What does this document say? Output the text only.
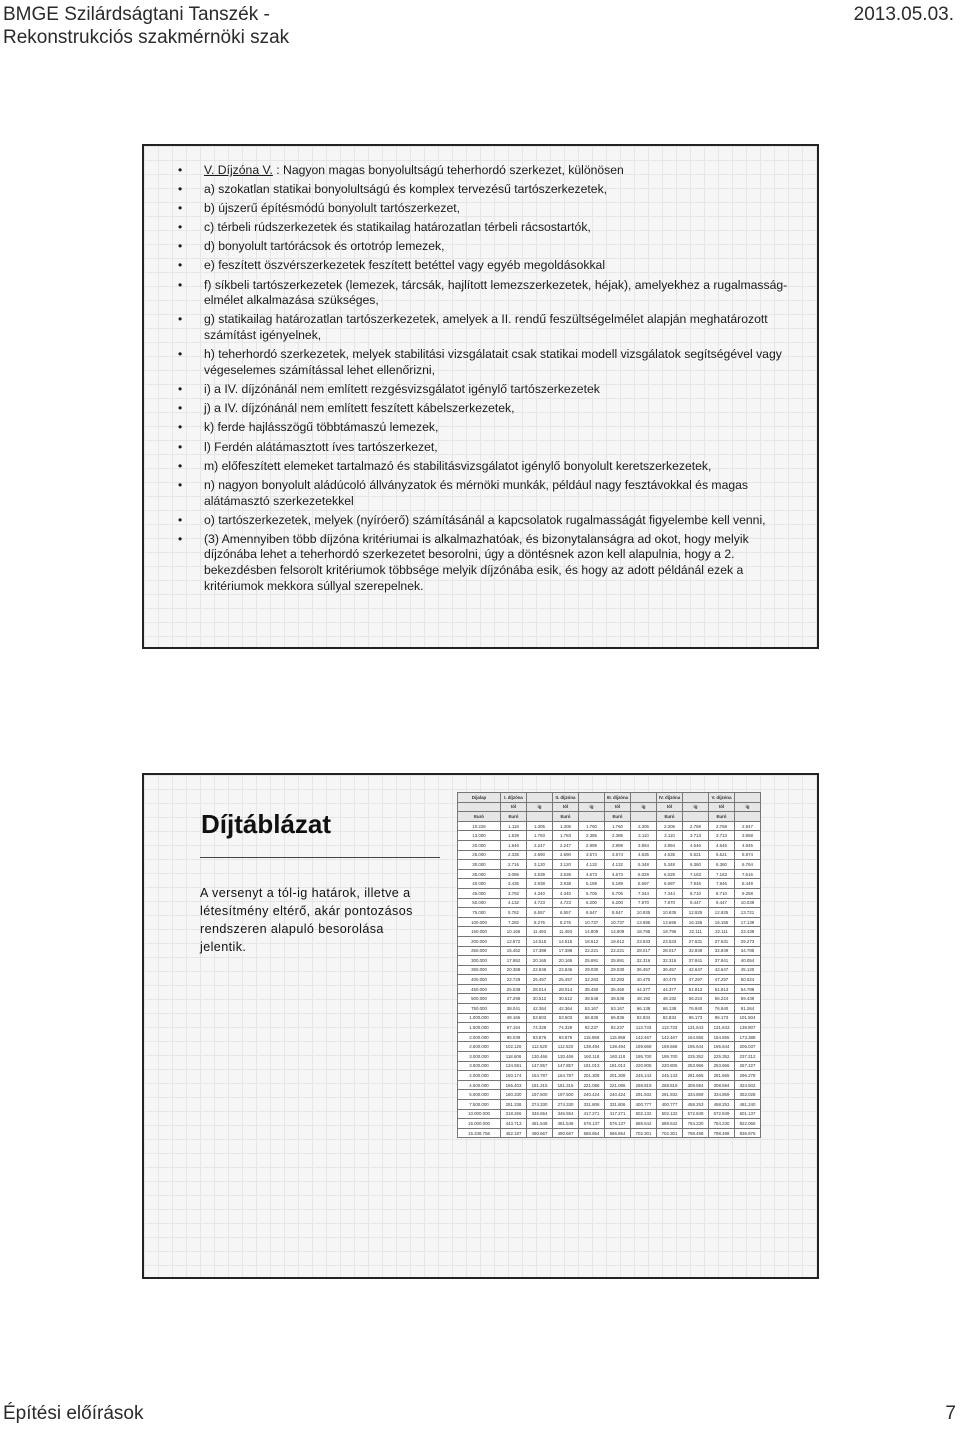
BMGE Szilárdságtani Tanszék -
Rekonstrukciós szakmérnöki szak
2013.05.03.
• V. Díjzóna V. : Nagyon magas bonyolultságú teherhordó szerkezet, különösen
• a) szokatlan statikai bonyolultságú és komplex tervezésű tartószerkezetek,
• b) újszerű építésmódú bonyolult tartószerkezet,
• c) térbeli rúdszerkezetek és statikailag határozatlan térbeli rácsostartók,
• d) bonyolult tartórácsok és ortotróp lemezek,
• e) feszített öszvérszerkezetek feszített betéttel vagy egyéb megoldásokkal
• f) síkbeli tartószerkezetek (lemezek, tárcsák, hajlított lemezszerkezetek, héjak), amelyekhez a rugalmasság-elmélet alkalmazása szükséges,
• g) statikailag határozatlan tartószerkezetek, amelyek a II. rendű feszültségelmélet alapján meghatározott számítást igényelnek,
• h) teherhordó szerkezetek, melyek stabilitási vizsgálatait csak statikai modell vizsgálatok segítségével vagy végeselemes számítással lehet ellenőrizni,
• i) a IV. díjzónánál nem említett rezgésvizsgálatot igénylő tartószerkezetek
• j) a IV. díjzónánál nem említett feszített kábelszerkezetek,
• k) ferde hajlásszögű többtámaszú lemezek,
• l) Ferdén alátámasztott íves tartószerkezet,
• m) előfeszített elemeket tartalmazó és stabilitásvizsgálatot igénylő bonyolult keretszerkezetek,
• n) nagyon bonyolult aládúcoló állványzatok és mérnöki munkák, például nagy fesztávokkal és magas alátámasztó szerkezetekkel
• o) tartószerkezetek, melyek (nyíróerő) számításánál a kapcsolatok rugalmasságát figyelembe kell venni,
• (3) Amennyiben több díjzóna kritériumai is alkalmazhatóak, és bizonytalanságra ad okot, hogy melyik díjzónába lehet a teherhordó szerkezetet besorolni, úgy a döntésnek azon kell alapulnia, hogy a 2. bekezdésben felsorolt kritériumok többsége melyik díjzónába esik, és hogy az adott példánál ezek a kritériumok mekkora súllyal szerepelnek.
Díjtáblázat
A versenyt a tól-ig határok, illetve a létesítmény eltérő, akár pontozásos rendszeren alapuló besorolása jelentik.
Díjalap	I. díjzóna		II. díjzóna		III. díjzóna		IV. díjzóna		V. díjzóna	
	tól	ig	tól	ig	tól	ig	tól	ig	tól	ig
Euró	Euró		Euró		Euró		Euró		Euró	
10.226	1.118	1.305	1.305	1.760	1.760	2.306	2.306	2.768	2.768	2.947
13.000	1.539	1.783	1.783	2.385	2.385	3.110	3.110	3.713	3.713	3.958
20.000	1.946	2.247	2.247	2.999	2.999	3.894	3.894	4.646	4.646	4.945
25.000	2.335	2.690	2.690	3.574	3.574	4.635	4.635	5.521	5.521	5.874
30.000	2.716	3.120	3.120	4.132	4.132	5.348	5.348	6.360	6.360	6.764
35.000	3.086	3.539	3.539	4.673	4.673	6.029	6.029	7.163	7.163	7.616
40.000	3.435	3.938	3.938	5.189	5.189	6.697	6.697	7.946	7.946	8.449
45.000	3.792	4.340	4.340	5.705	5.705	7.344	7.344	8.710	8.710	9.258
50.000	4.132	4.723	4.723	6.200	6.200	7.970	7.970	9.447	9.447	10.039
75.000	5.762	6.557	6.557	8.547	8.547	10.935	10.935	12.925	12.925	13.721
100.000	7.292	8.276	8.276	10.737	10.737	13.695	13.695	16.155	16.155	17.139
150.000	10.166	11.493	11.493	14.809	14.809	18.795	18.795	22.111	22.111	23.439
200.000	12.872	14.515	14.515	18.612	18.612	23.533	23.533	27.631	27.631	29.273
250.000	15.452	17.388	17.388	22.221	22.221	28.017	28.017	32.849	32.849	34.785
300.000	17.952	20.165	20.165	25.691	25.691	32.316	32.316	37.841	37.841	40.054
350.000	20.368	22.846	22.846	29.030	29.030	36.457	36.457	42.647	42.647	45.120
400.000	22.729	25.457	25.457	32.283	32.283	40.470	40.470	47.297	47.297	50.024
450.000	25.038	28.014	28.014	35.450	35.450	44.377	44.377	51.813	51.813	54.789
500.000	27.298	30.512	30.512	38.548	38.548	48.192	48.192	56.224	56.224	59.439
750.000	38.041	42.364	42.364	53.167	53.167	66.138	66.138	76.940	76.940	81.264
1.000.000	48.166	53.503	53.503	66.836	66.836	82.834	82.834	96.173	96.173	101.504
1.500.000	67.164	74.329	74.329	92.237	92.237	113.733	113.733	131.643	131.643	138.807
2.000.000	85.039	93.876	93.876	115.959	115.959	142.467	142.467	164.555	164.555	173.388
2.500.000	102.126	112.520	112.520	138.494	138.494	169.668	169.668	195.644	195.644	206.037
3.000.000	118.606	130.466	130.466	160.118	160.118	195.700	195.700	225.352	225.352	237.212
3.500.000	134.591	147.857	147.857	181.013	181.013	220.805	220.805	253.966	253.966	267.227
4.000.000	150.174	164.787	164.787	201.308	201.308	245.143	245.143	281.665	281.665	296.278
4.500.000	165.403	181.315	181.315	221.086	221.086	268.819	268.819	308.594	308.594	324.502
5.000.000	180.330	197.500	197.500	240.424	240.424	291.932	291.932	334.859	334.859	352.028
7.500.000	251.338	274.330	274.330	331.806	331.806	400.777	400.777	458.253	458.253	481.240
10.000.000	318.266	346.554	346.554	417.271	417.271	502.132	502.132	572.849	572.849	601.137
15.000.000	443.713	481.549	481.549	576.137	576.137	689.642	689.642	784.230	784.230	822.066
15.338.756	452.187	490.667	490.667	586.864	586.864	702.301	702.301	798.498	798.498	836.976
Építési előírások	7
